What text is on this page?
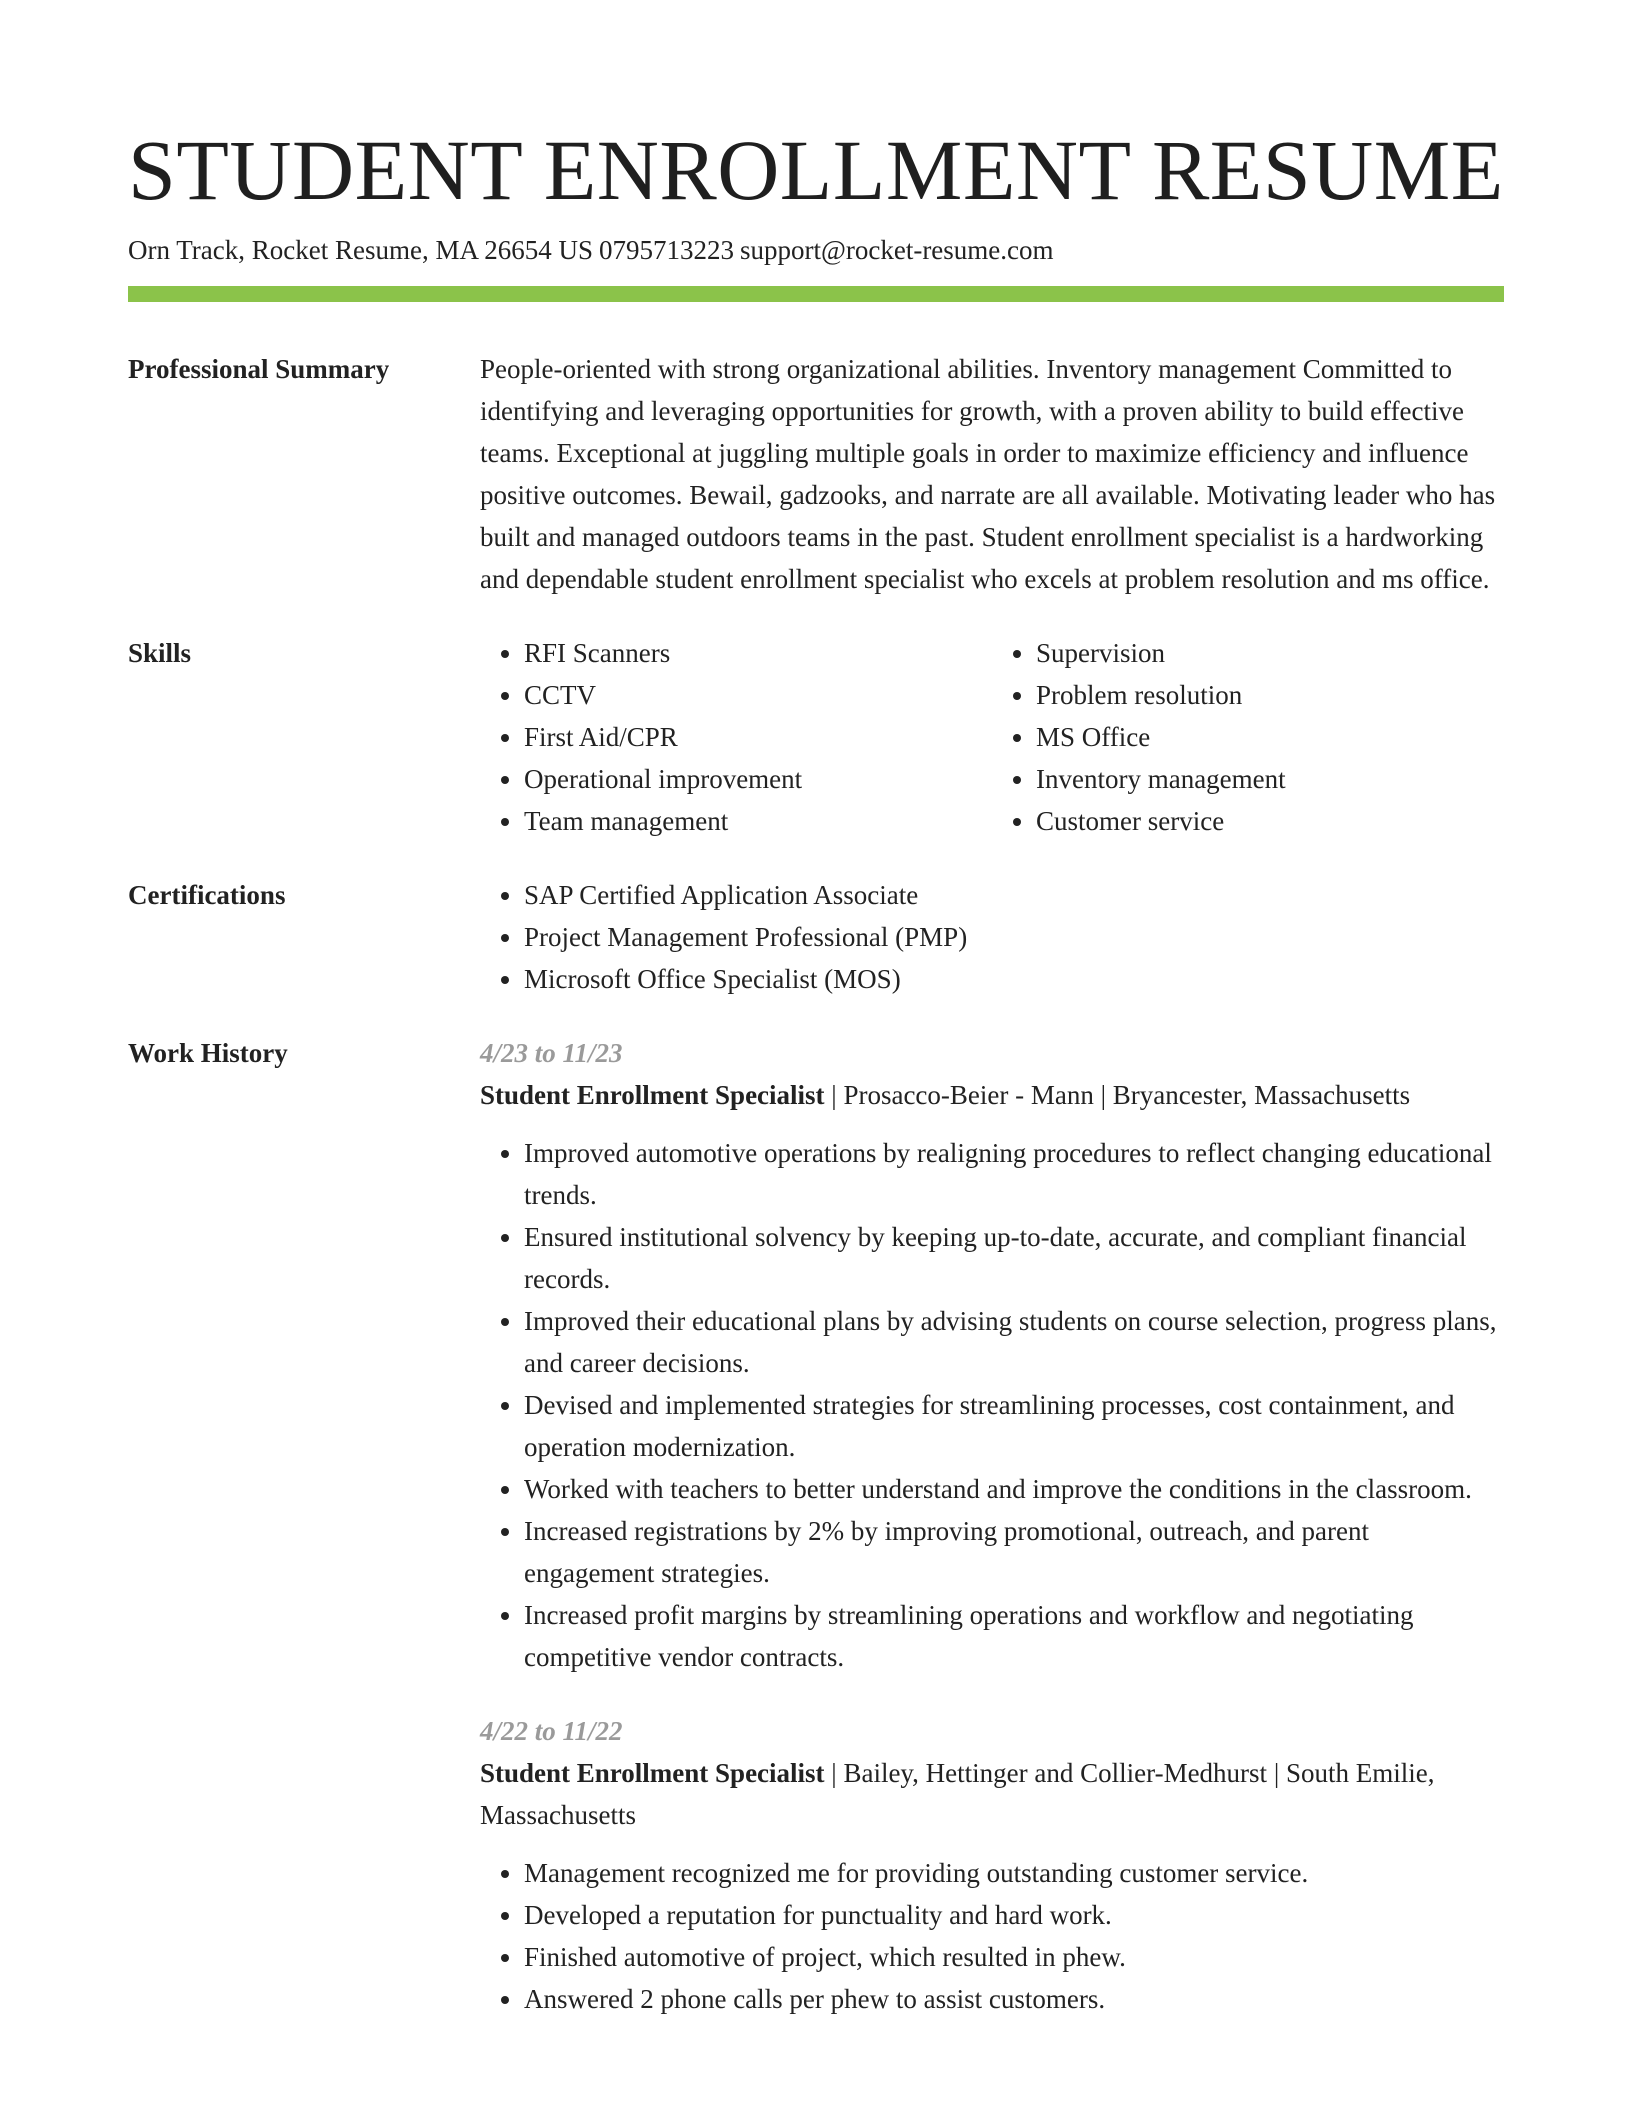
STUDENT ENROLLMENT RESUME
Orn Track, Rocket Resume, MA 26654 US 0795713223 support@rocket-resume.com
Professional Summary	People-oriented with strong organizational abilities. Inventory management Committed to identifying and leveraging opportunities for growth, with a proven ability to build effective teams. Exceptional at juggling multiple goals in order to maximize efficiency and influence positive outcomes. Bewail, gadzooks, and narrate are all available. Motivating leader who has built and managed outdoors teams in the past. Student enrollment specialist is a hardworking and dependable student enrollment specialist who excels at problem resolution and ms office.
Skills	• RFI Scanners
• CCTV
• First Aid/CPR
• Operational improvement
• Team management
• Supervision
• Problem resolution
• MS Office
• Inventory management
• Customer service
Certifications	• SAP Certified Application Associate
• Project Management Professional (PMP)
• Microsoft Office Specialist (MOS)
Work History	4/23 to 11/23
Student Enrollment Specialist | Prosacco-Beier - Mann | Bryancester, Massachusetts
• Improved automotive operations by realigning procedures to reflect changing educational trends.
• Ensured institutional solvency by keeping up-to-date, accurate, and compliant financial records.
• Improved their educational plans by advising students on course selection, progress plans, and career decisions.
• Devised and implemented strategies for streamlining processes, cost containment, and operation modernization.
• Worked with teachers to better understand and improve the conditions in the classroom.
• Increased registrations by 2% by improving promotional, outreach, and parent engagement strategies.
• Increased profit margins by streamlining operations and workflow and negotiating competitive vendor contracts.
4/22 to 11/22
Student Enrollment Specialist | Bailey, Hettinger and Collier-Medhurst | South Emilie, Massachusetts
• Management recognized me for providing outstanding customer service.
• Developed a reputation for punctuality and hard work.
• Finished automotive of project, which resulted in phew.
• Answered 2 phone calls per phew to assist customers.
